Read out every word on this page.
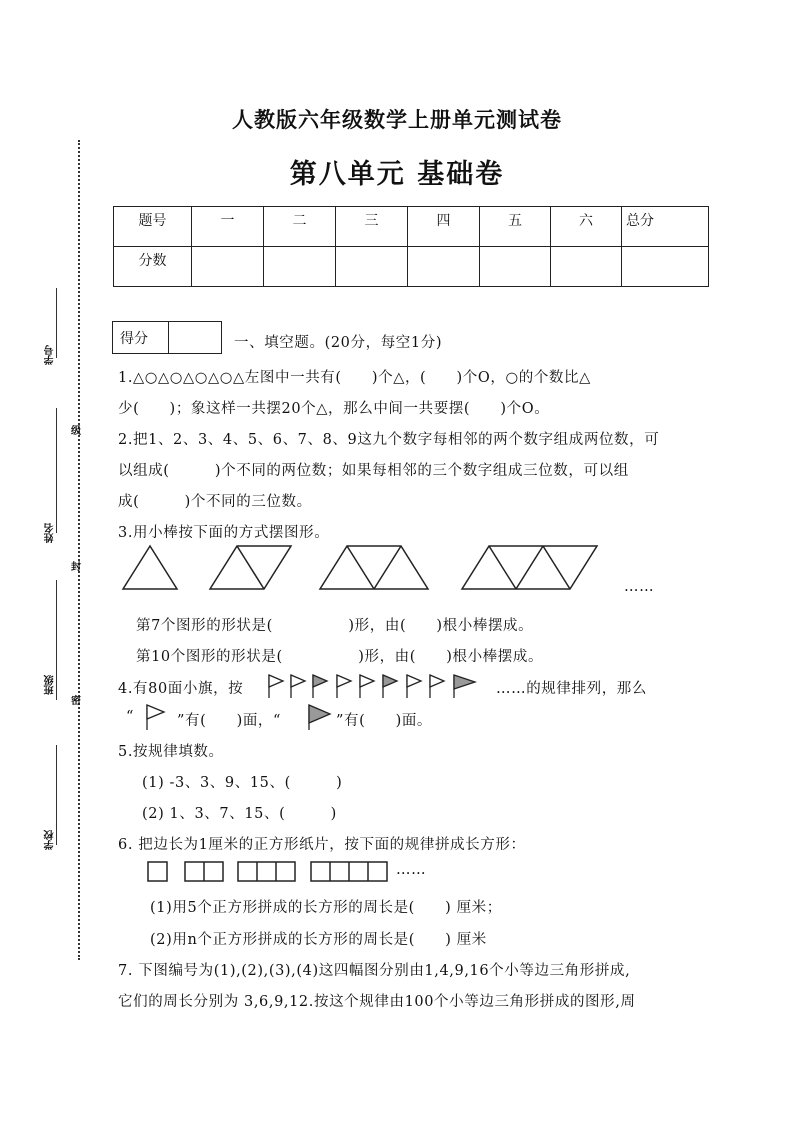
学号
姓名
班级
学校
级
封
密
人教版六年级数学上册单元测试卷
第八单元 基础卷
题号	一	二	三	四	五	六	总分
分数							
得分	一、填空题。(20分，每空1分)
1.△○△○△○△○△左图中一共有(　　)个△，(　　)个O，○的个数比△
少(　　)；象这样一共摆20个△，那么中间一共要摆(　　)个O。
2.把1、2、3、4、5、6、7、8、9这九个数字每相邻的两个数字组成两位数，可
以组成(　　　)个不同的两位数；如果每相邻的三个数字组成三位数，可以组
成(　　　)个不同的三位数。
3.用小棒按下面的方式摆图形。
……
第7个图形的形状是(　　　　　)形，由(　　)根小棒摆成。
第10个图形的形状是(　　　　　)形，由(　　)根小棒摆成。
4.有80面小旗，按	……的规律排列，那么
“	”有(　　)面，“	”有(　　)面。
5.按规律填数。
(1) -3、3、9、15、(　　　)
(2) 1、3、7、15、(　　　)
6. 把边长为1厘米的正方形纸片，按下面的规律拼成长方形：
……
(1)用5个正方形拼成的长方形的周长是(　　) 厘米；
(2)用n个正方形拼成的长方形的周长是(　　) 厘米
7. 下图编号为(1),(2),(3),(4)这四幅图分别由1,4,9,16个小等边三角形拼成,
它们的周长分别为 3,6,9,12.按这个规律由100个小等边三角形拼成的图形,周
